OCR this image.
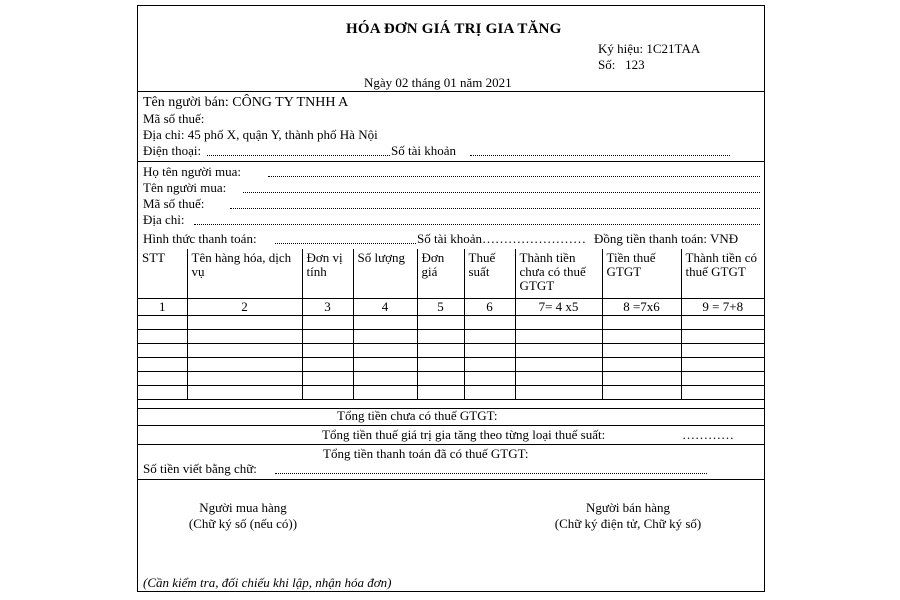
HÓA ĐƠN GIÁ TRỊ GIA TĂNG
Ký hiệu: 1C21TAA
Số:   123
Ngày 02 tháng 01 năm 2021
Tên người bán: CÔNG TY TNHH A
Mã số thuế:
Địa chỉ: 45 phố X, quận Y, thành phố Hà Nội
Điện thoại:	Số tài khoản
Họ tên người mua:
Tên người mua:
Mã số thuế:
Địa chỉ:
Hình thức thanh toán:	Số tài khoản…………………… Đồng tiền thanh toán: VNĐ
STT	Tên hàng hóa, dịch vụ	Đơn vị tính	Số lượng	Đơn giá	Thuế suất	Thành tiền chưa có thuế GTGT	Tiền thuế GTGT	Thành tiền có thuế GTGT
1	2	3	4	5	6	7= 4 x5	8 =7x6	9 = 7+8

Tổng tiền chưa có thuế GTGT:
Tổng tiền thuế giá trị gia tăng theo từng loại thuế suất:	…………
Tổng tiền thanh toán đã có thuế GTGT:
Số tiền viết bằng chữ:
Người mua hàng
(Chữ ký số (nếu có))
Người bán hàng
(Chữ ký điện tử, Chữ ký số)
(Cần kiểm tra, đối chiếu khi lập, nhận hóa đơn)
